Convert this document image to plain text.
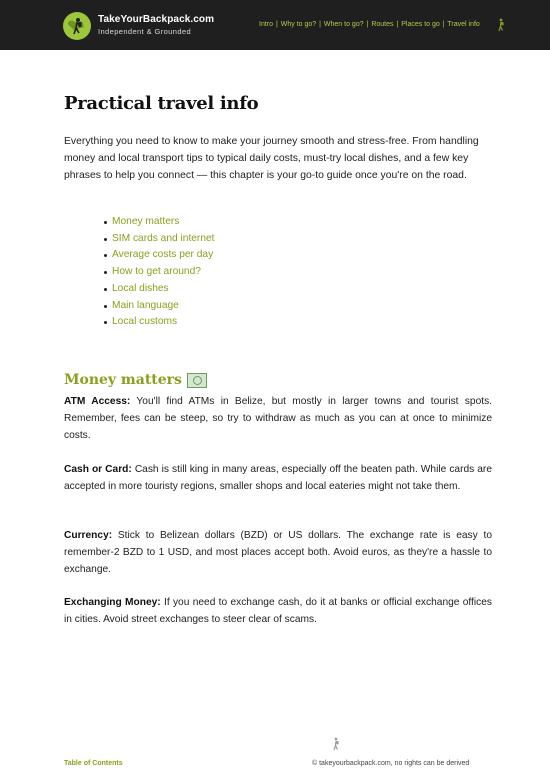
TakeYourBackpack.com
Independent & Grounded
Intro | Why to go? | When to go? | Routes | Places to go | Travel info
Practical travel info

Everything you need to know to make your journey smooth and stress-free. From handling money and local transport tips to typical daily costs, must-try local dishes, and a few key phrases to help you connect — this chapter is your go-to guide once you're on the road.

Money matters
SIM cards and internet
Average costs per day
How to get around?
Local dishes
Main language
Local customs
Money matters

ATM Access: You'll find ATMs in Belize, but mostly in larger towns and tourist spots. Remember, fees can be steep, so try to withdraw as much as you can at once to minimize costs.

Cash or Card: Cash is still king in many areas, especially off the beaten path. While cards are accepted in more touristy regions, smaller shops and local eateries might not take them.

Currency: Stick to Belizean dollars (BZD) or US dollars. The exchange rate is easy to remember-2 BZD to 1 USD, and most places accept both. Avoid euros, as they're a hassle to exchange.

Exchanging Money: If you need to exchange cash, do it at banks or official exchange offices in cities. Avoid street exchanges to steer clear of scams.

Table of Contents	© takeyourbackpack.com, no rights can be derived
